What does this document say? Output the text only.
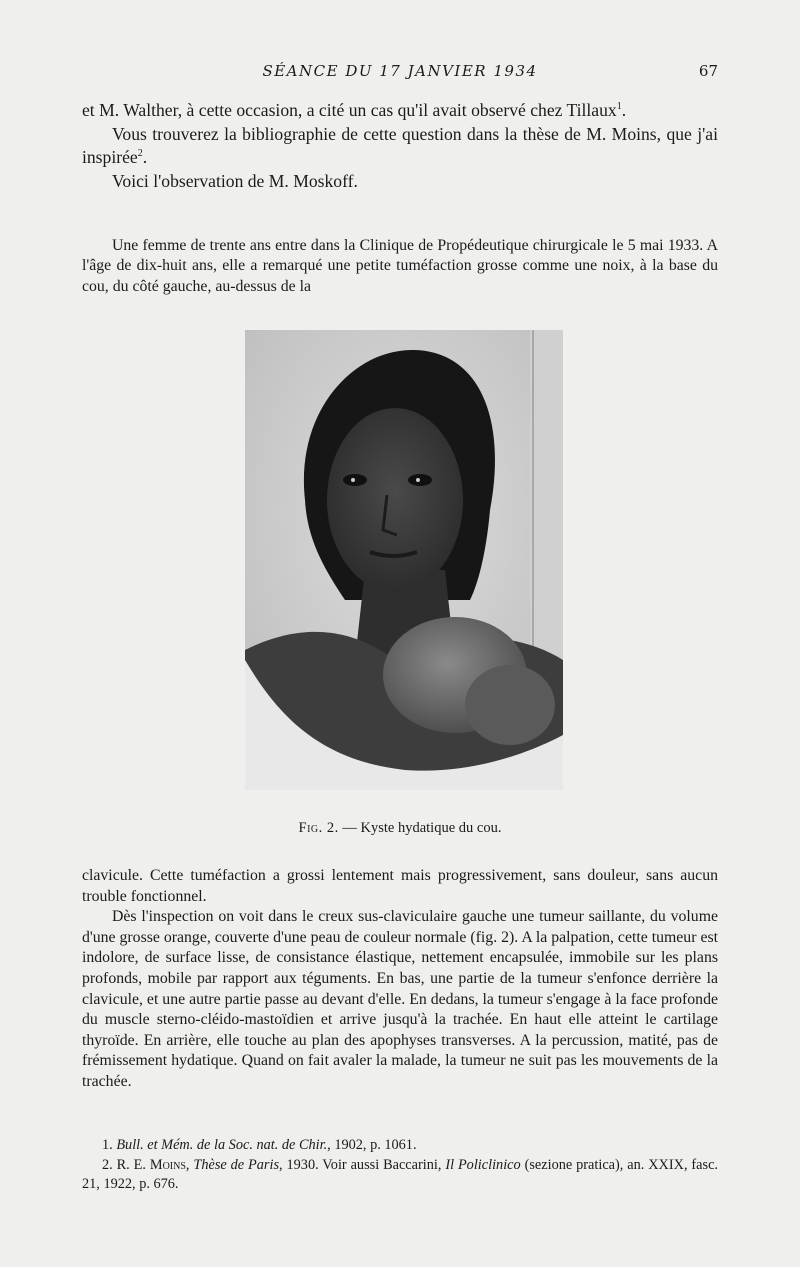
SÉANCE DU 17 JANVIER 1934	67

et M. Walther, à cette occasion, a cité un cas qu'il avait observé chez Tillaux$^1$.

Vous trouverez la bibliographie de cette question dans la thèse de M. Moins, que j'ai inspirée$^2$.

Voici l'observation de M. Moskoff.

Une femme de trente ans entre dans la Clinique de Propédeutique chirurgicale le 5 mai 1933. A l'âge de dix-huit ans, elle a remarqué une petite tuméfaction grosse comme une noix, à la base du cou, du côté gauche, au-dessus de la

Fig. 2. — Kyste hydatique du cou.

clavicule. Cette tuméfaction a grossi lentement mais progressivement, sans douleur, sans aucun trouble fonctionnel.

Dès l'inspection on voit dans le creux sus-claviculaire gauche une tumeur saillante, du volume d'une grosse orange, couverte d'une peau de couleur normale (fig. 2). A la palpation, cette tumeur est indolore, de surface lisse, de consistance élastique, nettement encapsulée, immobile sur les plans profonds, mobile par rapport aux téguments. En bas, une partie de la tumeur s'enfonce derrière la clavicule, et une autre partie passe au devant d'elle. En dedans, la tumeur s'engage à la face profonde du muscle sterno-cléido-mastoïdien et arrive jusqu'à la trachée. En haut elle atteint le cartilage thyroïde. En arrière, elle touche au plan des apophyses transverses. A la percussion, matité, pas de frémissement hydatique. Quand on fait avaler la malade, la tumeur ne suit pas les mouvements de la trachée.

1. Bull. et Mém. de la Soc. nat. de Chir., 1902, p. 1061.

2. R. E. Moins, Thèse de Paris, 1930. Voir aussi Baccarini, Il Policlinico (sezione pratica), an. XXIX, fasc. 21, 1922, p. 676.
